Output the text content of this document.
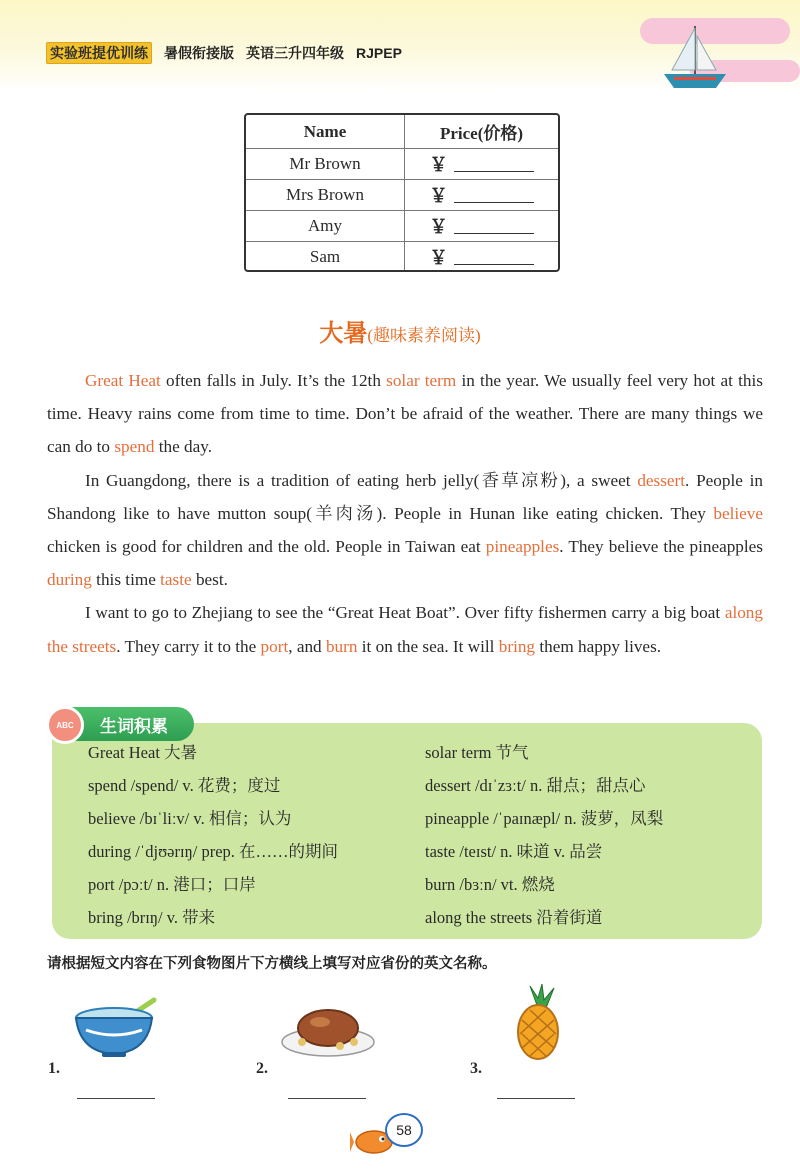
实验班提优训练 暑假衔接版 英语三升四年级 RJPEP
Name	Price(价格)
Mr Brown	￥
Mrs Brown	￥
Amy	￥
Sam	￥
大暑(趣味素养阅读)

Great Heat often falls in July. It’s the 12th solar term in the year. We usually feel very hot at this time. Heavy rains come from time to time. Don’t be afraid of the weather. There are many things we can do to spend the day.

In Guangdong, there is a tradition of eating herb jelly(香草凉粉), a sweet dessert. People in Shandong like to have mutton soup(羊肉汤). People in Hunan like eating chicken. They believe chicken is good for children and the old. People in Taiwan eat pineapples. They believe the pineapples during this time taste best.

I want to go to Zhejiang to see the “Great Heat Boat”. Over fifty fishermen carry a big boat along the streets. They carry it to the port, and burn it on the sea. It will bring them happy lives.

生词积累
ABC
Great Heat 大暑	solar term 节气
spend /spend/ v. 花费；度过	dessert /dɪˈzɜːt/ n. 甜点；甜点心
believe /bɪˈliːv/ v. 相信；认为	pineapple /ˈpaɪnæpl/ n. 菠萝，凤梨
during /ˈdjʊərɪŋ/ prep. 在……的期间	taste /teɪst/ n. 味道 v. 品尝
port /pɔːt/ n. 港口；口岸	burn /bɜːn/ vt. 燃烧
bring /brɪŋ/ v. 带来	along the streets 沿着街道
请根据短文内容在下列食物图片下方横线上填写对应省份的英文名称。
1.	2.	3.
58
